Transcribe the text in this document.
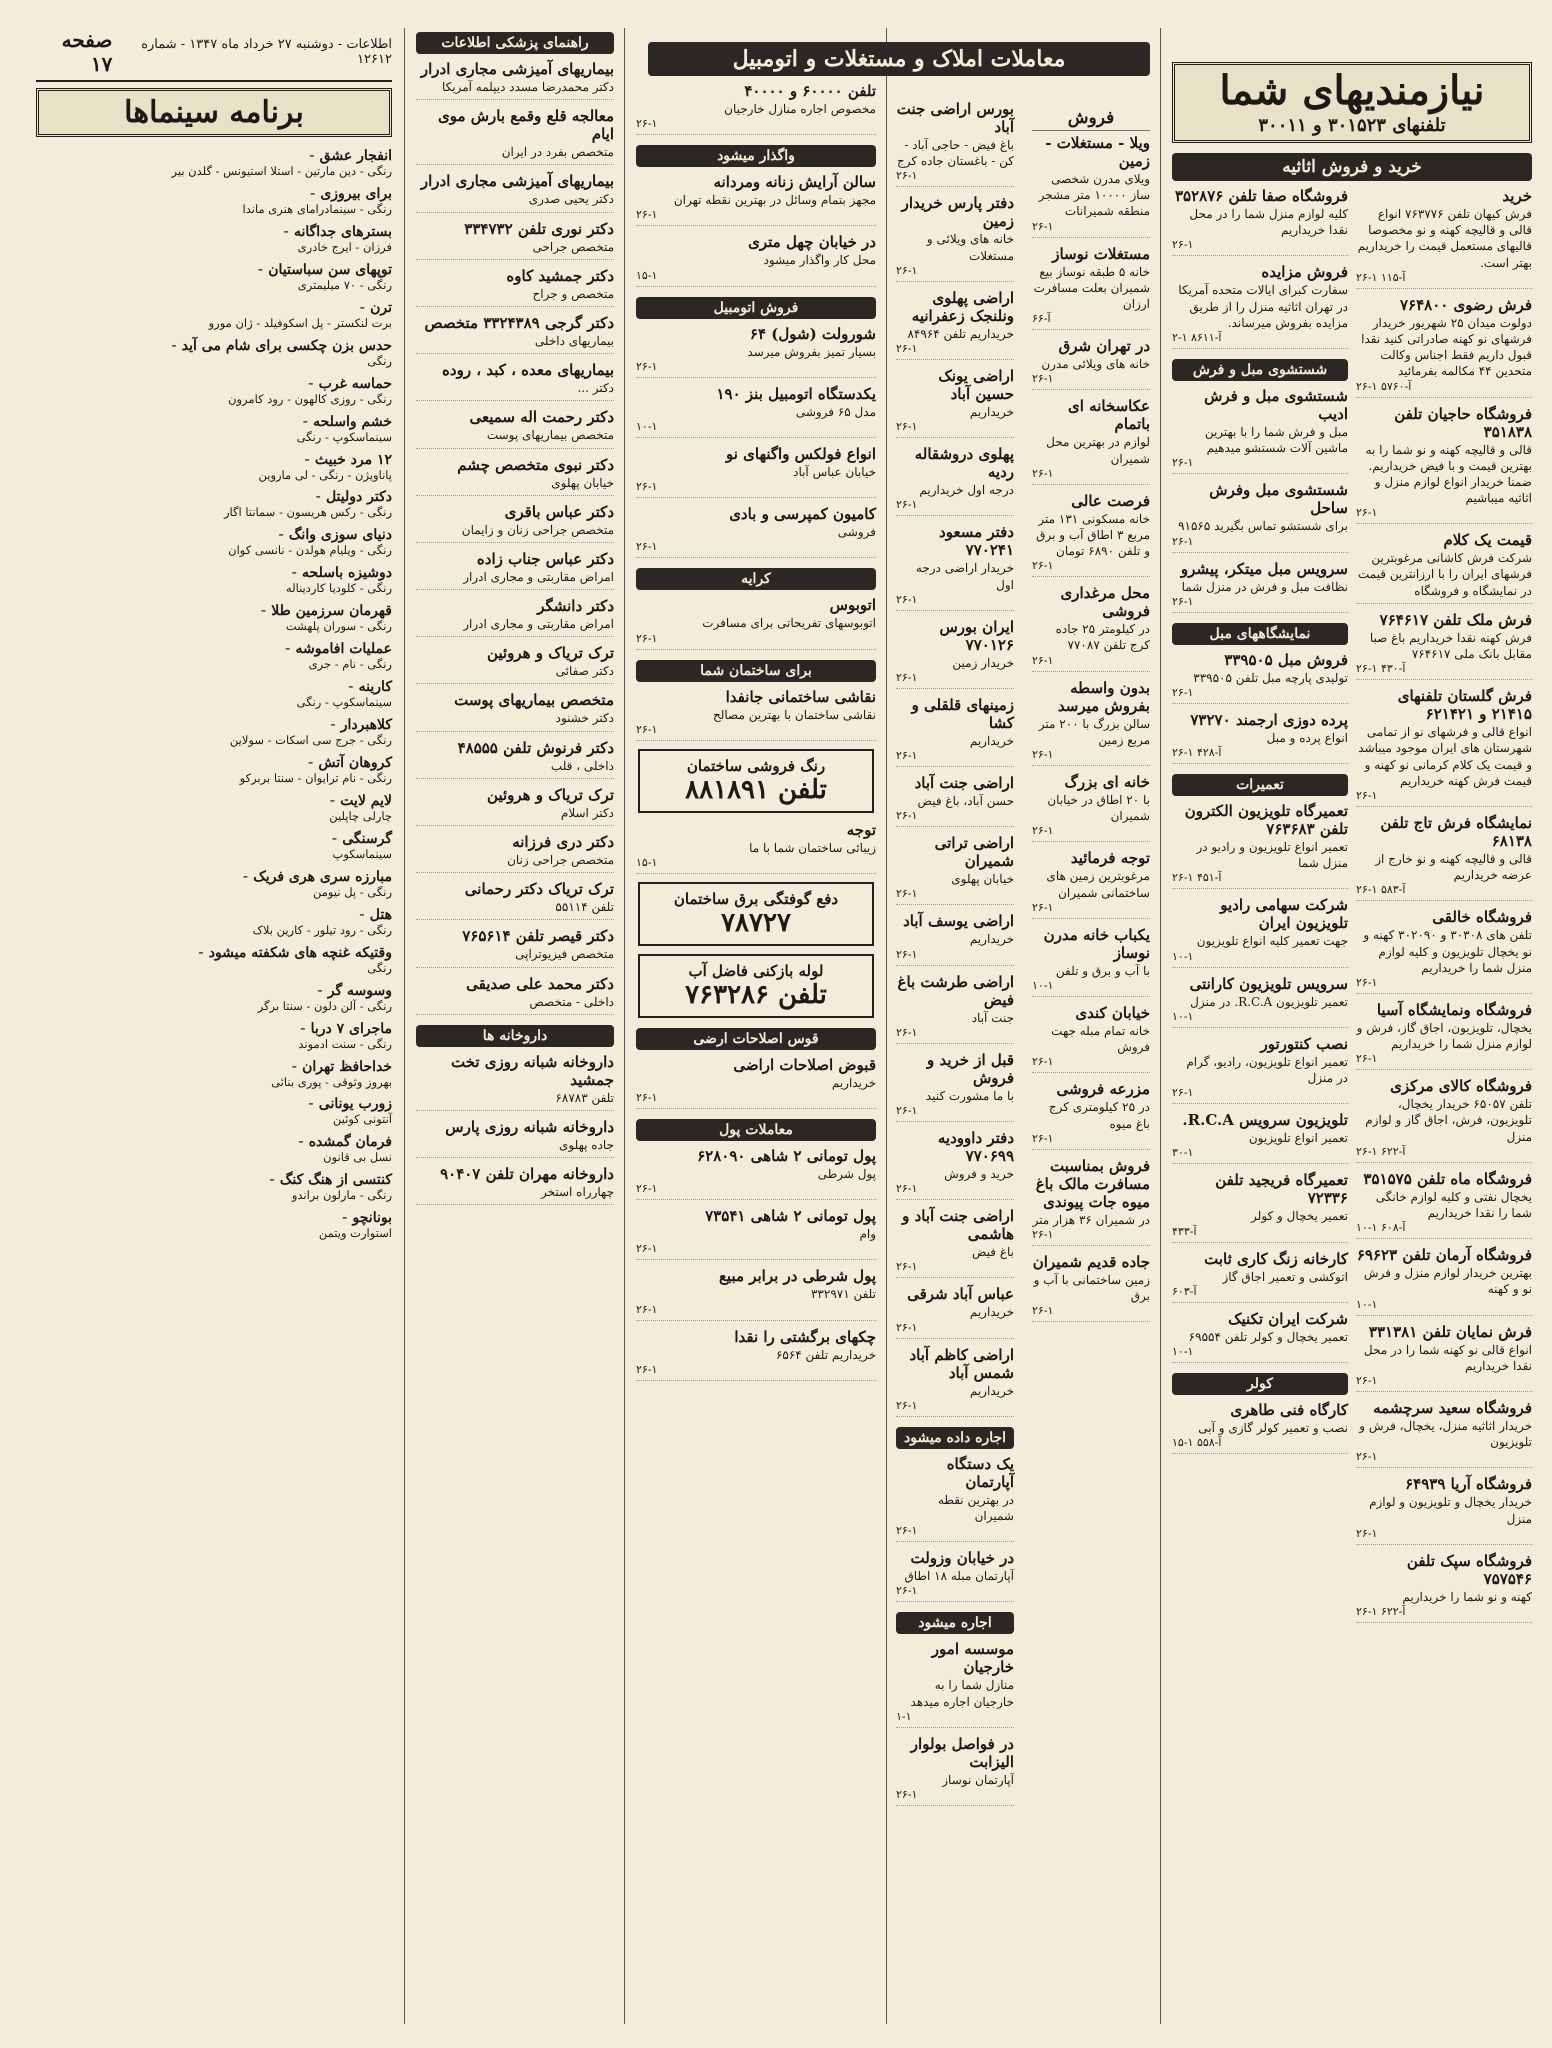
اطلاعات - دوشنبه ۲۷ خرداد ماه ۱۳۴۷ - شماره ۱۲۶۱۲
صفحه ۱۷
برنامه سینماها
انفجار عشق -
رنگی - دین مارتین - استلا استیونس - گلدن بیر
برای بیروزی -
رنگی - سینمادرامای هنری ماندا
بسترهای جداگانه -
فرزان - ایرج خادری
توپهای سن سباستیان -
رنگی - ۷۰ میلیمتری
ترن -
برت لنکستر - پل اسکوفیلد - ژان مورو
حدس بزن چکسی برای شام می آید -
رنگی
حماسه غرب -
رنگی - روزی کالهون - رود کامرون
خشم واسلحه -
سینماسکوپ - رنگی
۱۲ مرد خبیث -
پاناویژن - رنگی - لی ماروین
دکتر دولیتل -
رنگی - رکس هریسون - سمانتا اگار
دنیای سوزی وانگ -
رنگی - ویلیام هولدن - نانسی کوان
دوشیزه باسلحه -
رنگی - کلودیا کاردیناله
قهرمان سرزمین طلا -
رنگی - سوران پلهشت
عملیات افاموشه -
رنگی - نام - جری
کارینه -
سینماسکوپ - رنگی
کلاهبردار -
رنگی - جرج سی اسکات - سولاین
کروهان آتش -
رنگی - نام ترایوان - سنتا بربرکو
لایم لایت -
چارلی چاپلین
گرسنگی -
سینماسکوپ
مبارزه سری هری فریک -
رنگی - پل نیومن
هتل -
رنگی - رود تیلور - کارین بلاک
وقتیکه غنچه های شکفته میشود -
رنگی
وسوسه گر -
رنگی - آلن دلون - سنتا برگر
ماجرای ۷ دربا -
رنگی - سنت ادموند
خداحافظ تهران -
بهروز وثوقی - پوری بنائی
زورب یونانی -
آنتونی کوئین
فرمان گمشده -
نسل بی قانون
کنتسی از هنگ کنگ -
رنگی - مارلون براندو
بونانچو -
استوارت ویتمن
راهنمای پزشکی اطلاعات
بیماریهای آمیزشی مجاری ادرار
دکتر محمدرضا مسدد دیپلمه آمریکا
معالجه قلع وقمع بارش موی ایام
متخصص بفرد در ایران
بیماریهای آمیزشی مجاری ادرار
دکتر یحیی صدری
دکتر نوری تلفن ۳۳۴۷۳۲
متخصص جراحی
دکتر جمشید کاوه
متخصص و جراح
دکتر گرجی ۳۳۲۴۳۸۹ متخصص
بیماریهای داخلی
بیماریهای معده ، کبد ، روده
دکتر ...
دکتر رحمت اله سمیعی
متخصص بیماریهای پوست
دکتر نبوی متخصص چشم
خیابان پهلوی
دکتر عباس باقری
متخصص جراحی زنان و زایمان
دکتر عباس جناب زاده
امراض مقاربتی و مجاری ادرار
دکتر دانشگر
امراض مقاربتی و مجاری ادرار
ترک تریاک و هروئین
دکتر صفائی
متخصص بیماریهای پوست
دکتر خشنود
دکتر فرنوش تلفن ۴۸۵۵۵
داخلی ، قلب
ترک تریاک و هروئین
دکتر اسلام
دکتر دری فرزانه
متخصص جراحی زنان
ترک تریاک دکتر رحمانی
تلفن ۵۵۱۱۴
دکتر قیصر تلفن ۷۶۵۶۱۴
متخصص فیزیوتراپی
دکتر محمد علی صدیقی
داخلی - متخصص
داروخانه ها
داروخانه شبانه روزی تخت جمشید
تلفن ۶۸۷۸۳
داروخانه شبانه روزی پارس
جاده پهلوی
داروخانه مهران تلفن ۹۰۴۰۷
چهارراه استخر
تلفن ۶۰۰۰۰ و ۴۰۰۰۰
مخصوص اجاره منازل خارجیان
۲۶-۱
واگذار میشود
سالن آرایش زنانه ومردانه
مجهز بتمام وسائل در بهترین نقطه تهران
۲۶-۱
در خیابان چهل متری
محل کار واگذار میشود
۱۵-۱
فروش اتومبیل
شورولت (شول) ۶۴
بسیار تمیز بفروش میرسد
۲۶-۱
یکدستگاه اتومبیل بنز ۱۹۰
مدل ۶۵ فروشی
۱۰-۱
انواع فولکس واگنهای نو
خیابان عباس آباد
۲۶-۱
کامیون کمپرسی و بادی
فروشی
۲۶-۱
کرایه
اتوبوس
اتوبوسهای تفریحاتی برای مسافرت
۲۶-۱
برای ساختمان شما
نقاشی ساختمانی جانفدا
نقاشی ساختمان با بهترین مصالح
۲۶-۱
رنگ فروشی ساختمان
تلفن ۸۸۱۸۹۱
توجه
زیبائی ساختمان شما با ما
۱۵-۱
دفع گوفتگی برق ساختمان
۷۸۷۲۷
لوله بازکنی فاضل آب
تلفن ۷۶۳۲۸۶
قوس اصلاحات ارضی
قبوض اصلاحات اراضی
خریداریم
۲۶-۱
معاملات پول
پول تومانی ۲ شاهی ۶۲۸۰۹۰
پول شرطی
۲۶-۱
پول تومانی ۲ شاهی ۷۳۵۴۱
وام
۲۶-۱
پول شرطی در برابر مبیع
تلفن ۳۳۲۹۷۱
۲۶-۱
چکهای برگشتی را نقدا
خریداریم تلفن ۶۵۶۴
۲۶-۱
معاملات املاک و مستغلات و اتومبیل
بورس اراضی جنت آباد
باغ فیض - حاجی آباد - کن - باغستان جاده کرج
۲۶-۱
دفتر پارس خریدار زمین
خانه های ویلائی و مستغلات
۲۶-۱
اراضی پهلوی ونلنجک زعفرانیه
خریداریم تلفن ۸۴۹۶۴
۲۶-۱
اراضی یونک حسین آباد
خریداریم
۲۶-۱
پهلوی دروشقاله ردیه
درجه اول خریداریم
۲۶-۱
دفتر مسعود ۷۷۰۲۴۱
خریدار اراضی درجه اول
۲۶-۱
ایران بورس ۷۷۰۱۲۶
خریدار زمین
۲۶-۱
زمینهای قلقلی و کشا
خریداریم
۲۶-۱
اراضی جنت آباد
حسن آباد، باغ فیض
۲۶-۱
اراضی تراتی شمیران
خیابان پهلوی
۲۶-۱
اراضی یوسف آباد
خریداریم
۲۶-۱
اراضی طرشت باغ فیض
جنت آباد
۲۶-۱
قبل از خرید و فروش
با ما مشورت کنید
۲۶-۱
دفتر داوودیه ۷۷۰۶۹۹
خرید و فروش
۲۶-۱
اراضی جنت آباد و هاشمی
باغ فیض
۲۶-۱
عباس آباد شرقی
خریداریم
۲۶-۱
اراضی کاظم آباد شمس آباد
خریداریم
۲۶-۱
اجاره داده میشود
یک دستگاه آپارتمان
در بهترین نقطه شمیران
۲۶-۱
در خیابان وزولت
آپارتمان مبله ۱۸ اطاق
۲۶-۱
اجاره میشود
موسسه امور خارجیان
منازل شما را به خارجیان اجاره میدهد
۱-۱
در فواصل بولوار الیزابت
آپارتمان نوساز
۲۶-۱
فروش
ویلا - مستغلات - زمین
ویلای مدرن شخصی ساز ۱۰۰۰۰ متر مشجر منطقه شمیرانات
۲۶-۱
مستغلات نوساز
خانه ۵ طبقه نوساز بیع شمیران بعلت مسافرت ارزان
۶۶-آ
در تهران شرق
خانه های ویلائی مدرن
۲۶-۱
عکاسخانه ای باتمام
لوازم در بهترین محل شمیران
۲۶-۱
فرصت عالی
خانه مسکونی ۱۳۱ متر مربع ۳ اطاق آب و برق و تلفن ۶۸۹۰ تومان
۲۶-۱
محل مرغداری فروشی
در کیلومتر ۲۵ جاده کرج تلفن ۷۷۰۸۷
۲۶-۱
بدون واسطه بفروش میرسد
سالن بزرگ با ۲۰۰ متر مربع زمین
۲۶-۱
خانه ای بزرگ
با ۲۰ اطاق در خیابان شمیران
۲۶-۱
توجه فرمائید
مرغوبترین زمین های ساختمانی شمیران
۲۶-۱
یکباب خانه مدرن نوساز
با آب و برق و تلفن
۱۰-۱
خیابان کندی
خانه تمام مبله جهت فروش
۲۶-۱
مزرعه فروشی
در ۲۵ کیلومتری کرج باغ میوه
۲۶-۱
فروش بمناسبت مسافرت مالک باغ میوه جات پیوندی
در شمیران ۳۶ هزار متر
۲۶-۱
جاده قدیم شمیران
زمین ساختمانی با آب و برق
۲۶-۱
نیازمندیهای شما
تلفنهای ۳۰۱۵۲۳ و ۳۰۰۱۱
خرید و فروش اثاثیه
خرید
فرش کیهان تلفن ۷۶۳۷۷۶ انواع قالی و قالیچه کهنه و نو مخصوصا قالیهای مستعمل قیمت را خریداریم بهتر است.
۲۶-۱ ۱۱۵-آ
فرش رضوی ۷۶۴۸۰۰
دولوت میدان ۲۵ شهریور خریدار فرشهای نو کهنه صادراتی کنید نقدا قبول داریم فقط اجناس وکالت متحدین ۴۴ مکالمه بفرمائید
۲۶-۱ ۵۷۶۰-آ
فروشگاه حاجیان تلفن ۳۵۱۸۳۸
قالی و قالیچه کهنه و نو شما را به بهترین قیمت و با فیض خریداریم. ضمنا خریدار انواع لوازم منزل و اثاثیه میباشیم
۲۶-۱
قیمت یک کلام
شرکت فرش کاشانی مرغوبترین فرشهای ایران را با ارزانترین قیمت در نمایشگاه و فروشگاه
فرش ملک تلفن ۷۶۴۶۱۷
فرش کهنه نقدا خریداریم باغ صبا مقابل بانک ملی ۷۶۴۶۱۷
۲۶-۱ ۴۳۰-آ
فرش گلستان تلفنهای ۲۱۴۱۵ و ۶۲۱۴۲۱
انواع قالی و فرشهای نو از تمامی شهرستان های ایران موجود میباشد و قیمت یک کلام کرمانی نو کهنه و قیمت فرش کهنه خریداریم
۲۶-۱
نمایشگاه فرش تاج تلفن ۶۸۱۳۸
قالی و قالیچه کهنه و نو خارج از عرضه خریداریم
۲۶-۱ ۵۸۳-آ
فروشگاه خالقی
تلفن های ۳۰۳۰۸ و ۳۰۲۰۹۰ کهنه و نو یخچال تلویزیون و کلیه لوازم منزل شما را خریداریم
۲۶-۱
فروشگاه ونمایشگاه آسیا
یخچال، تلویزیون، اجاق گاز، فرش و لوازم منزل شما را خریداریم
۲۶-۱
فروشگاه کالای مرکزی
تلفن ۶۵۰۵۷ خریدار یخچال، تلویزیون، فرش، اجاق گاز و لوازم منزل
۲۶-۱ ۶۲۲-آ
فروشگاه ماه تلفن ۳۵۱۵۷۵
یخچال نفتی و کلیه لوازم خانگی شما را نقدا خریداریم
۱۰-۱ ۶۰۸-آ
فروشگاه آرمان تلفن ۶۹۶۲۳
بهترین خریدار لوازم منزل و فرش نو و کهنه
۱۰-۱
فرش نمایان تلفن ۳۳۱۳۸۱
انواع قالی نو کهنه شما را در محل نقدا خریداریم
۲۶-۱
فروشگاه سعید سرچشمه
خریدار اثاثیه منزل، یخچال، فرش و تلویزیون
۲۶-۱
فروشگاه آریا ۶۴۹۳۹
خریدار یخچال و تلویزیون و لوازم منزل
۲۶-۱
فروشگاه سپک تلفن ۷۵۷۵۴۶
کهنه و نو شما را خریداریم
۲۶-۱ ۶۲۲-آ
فروشگاه صفا تلفن ۳۵۲۸۷۶
کلیه لوازم منزل شما را در محل نقدا خریداریم
۲۶-۱
فروش مزایده
سفارت کبرای ایالات متحده آمریکا در تهران اثاثیه منزل را از طریق مزایده بفروش میرساند.
۲-۱ ۸۶۱۱-آ
شستشوی مبل و فرش
شستشوی مبل و فرش ادیب
مبل و فرش شما را با بهترین ماشین آلات شستشو میدهیم
۲۶-۱
شستشوی مبل وفرش ساحل
برای شستشو تماس بگیرید ۹۱۵۶۵
۲۶-۱
سرویس مبل میتکر، پیشرو
نظافت مبل و فرش در منزل شما
۲۶-۱
نمایشگاههای مبل
فروش مبل ۳۳۹۵۰۵
تولیدی پارچه مبل تلفن ۳۳۹۵۰۵
۲۶-۱
پرده دوزی ارجمند ۷۳۲۷۰
انواع پرده و مبل
۲۶-۱ ۴۲۸-آ
تعمیرات
تعمیرگاه تلویزیون الکترون تلفن ۷۶۳۶۸۳
تعمیر انواع تلویزیون و رادیو در منزل شما
۲۶-۱ ۴۵۱-آ
شرکت سهامی رادیو تلویزیون ایران
جهت تعمیر کلیه انواع تلویزیون
۱۰-۱
سرویس تلویزیون کارانتی
تعمیر تلویزیون R.C.A. در منزل
۱۰-۱
نصب کنتورتور
تعمیر انواع تلویزیون، رادیو، گرام در منزل
۲۶-۱
تلویزیون سرویس R.C.A.
تعمیر انواع تلویزیون
۳۰-۱
تعمیرگاه فریجید تلفن ۷۲۳۳۶
تعمیر یخچال و کولر
۴۳۳-آ
کارخانه زنگ کاری ثابت
اتوکشی و تعمیر اجاق گاز
۶۰۳-آ
شرکت ایران تکنیک
تعمیر یخچال و کولر تلفن ۶۹۵۵۴
۱۰-۱
کولر
کارگاه فنی طاهری
نصب و تعمیر کولر گازی و آبی
۱۵-۱ ۵۵۸-آ
